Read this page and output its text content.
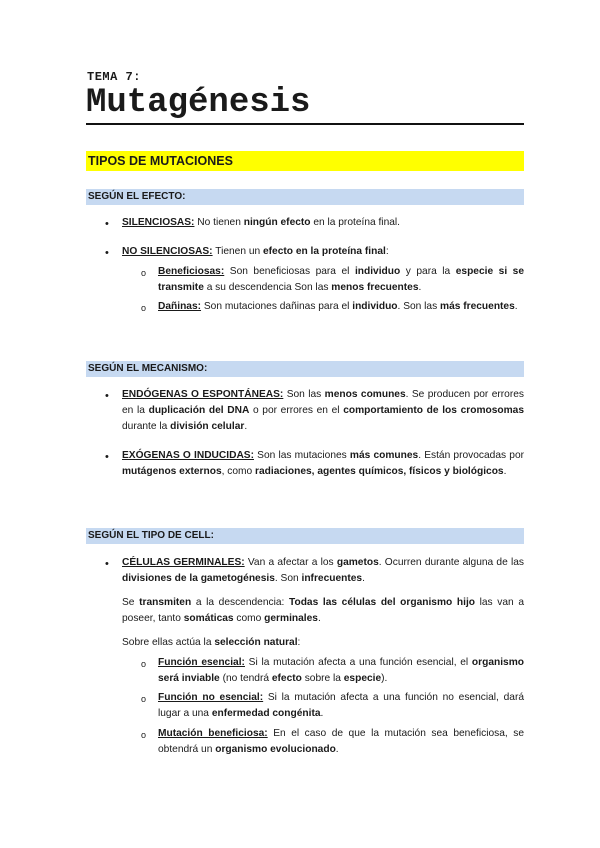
TEMA 7:
Mutagénesis
TIPOS DE MUTACIONES
SEGÚN EL EFECTO:
• SILENCIOSAS: No tienen ningún efecto en la proteína final.
• NO SILENCIOSAS: Tienen un efecto en la proteína final:
o Beneficiosas: Son beneficiosas para el individuo y para la especie si se transmite a su descendencia Son las menos frecuentes.
o Dañinas: Son mutaciones dañinas para el individuo. Son las más frecuentes.
SEGÚN EL MECANISMO:
• ENDÓGENAS O ESPONTÁNEAS: Son las menos comunes. Se producen por errores en la duplicación del DNA o por errores en el comportamiento de los cromosomas durante la división celular.
• EXÓGENAS O INDUCIDAS: Son las mutaciones más comunes. Están provocadas por mutágenos externos, como radiaciones, agentes químicos, físicos y biológicos.
SEGÚN EL TIPO DE CELL:
• CÉLULAS GERMINALES: Van a afectar a los gametos. Ocurren durante alguna de las divisiones de la gametogénesis. Son infrecuentes.
Se transmiten a la descendencia: Todas las células del organismo hijo las van a poseer, tanto somáticas como germinales.
Sobre ellas actúa la selección natural:
o Función esencial: Si la mutación afecta a una función esencial, el organismo será inviable (no tendrá efecto sobre la especie).
o Función no esencial: Si la mutación afecta a una función no esencial, dará lugar a una enfermedad congénita.
o Mutación beneficiosa: En el caso de que la mutación sea beneficiosa, se obtendrá un organismo evolucionado.
